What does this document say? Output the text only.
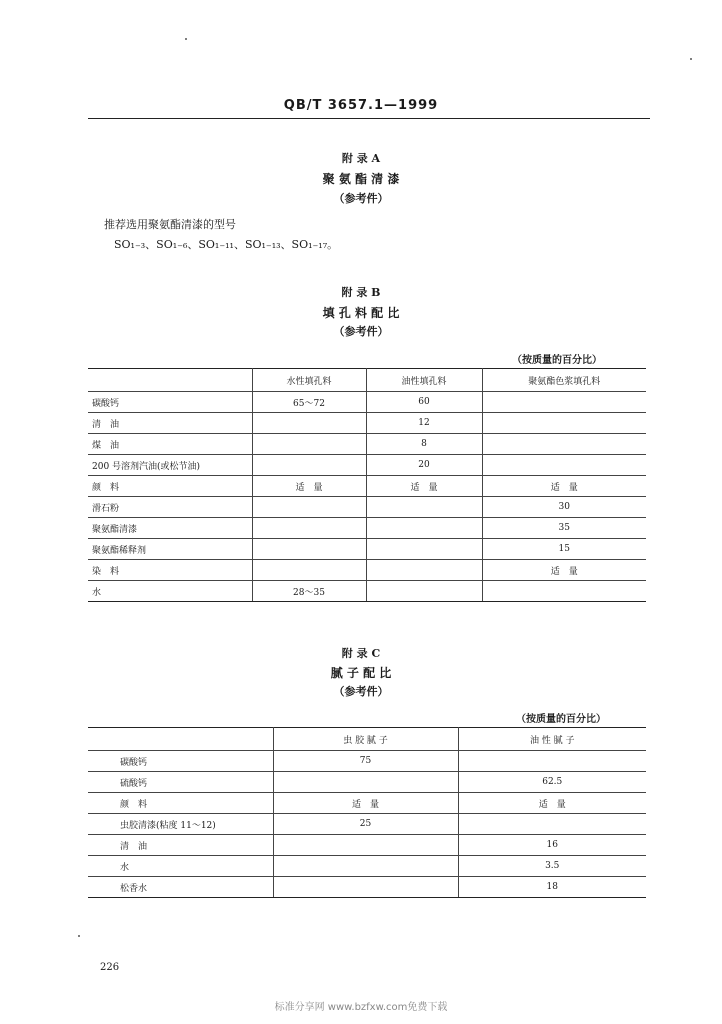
QB/T 3657.1—1999
附 录 A
聚 氨 酯 清 漆
（参考件）
推荐选用聚氨酯清漆的型号
SO₁₋₃、SO₁₋₆、SO₁₋₁₁、SO₁₋₁₃、SO₁₋₁₇。
附 录 B
填 孔 料 配 比
（参考件）
（按质量的百分比）
	水性填孔料	油性填孔料	聚氨酯色浆填孔料
碳酸钙	65～72	60	
清　油		12	
煤　油		8	
200 号溶剂汽油(或松节油)		20	
颜　料	适　量	适　量	适　量
滑石粉			30
聚氨酯清漆			35
聚氨酯稀释剂			15
染　料			适　量
水	28～35		
附 录 C
腻 子 配 比
（参考件）
（按质量的百分比）
	虫 胶 腻 子	油 性 腻 子
碳酸钙	75	
硫酸钙		62.5
颜　料	适　量	适　量
虫胶清漆(粘度 11～12)	25	
清　油		16
水		3.5
松香水		18
226
标准分享网 www.bzfxw.com免费下载
